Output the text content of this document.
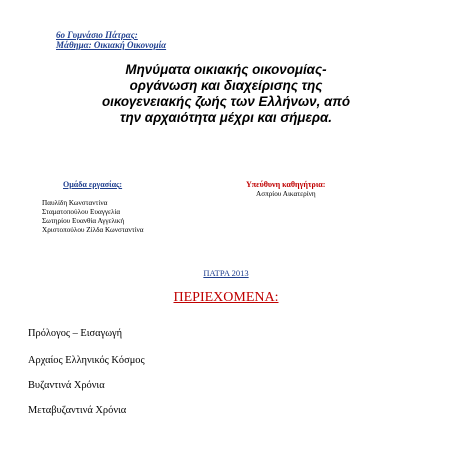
6ο Γυμνάσιο Πάτρας:
Μάθημα: Οικιακή Οικονομία
Μηνύματα οικιακής οικονομίας-
οργάνωση και διαχείρισης της
οικογενειακής ζωής των Ελλήνων, από
την αρχαιότητα μέχρι και σήμερα.
Ομάδα εργασίας:	Υπεύθυνη καθηγήτρια:
Ασπρίου Αικατερίνη
Παυλίδη Κωνσταντίνα
Σταματοπούλου Ευαγγελία
Σωτηρίου Ευανθία Αγγελική
Χριστοπούλου Ζίλδα Κωνσταντίνα
ΠΑΤΡΑ 2013
ΠΕΡΙΕΧΟΜΕΝΑ:
Πρόλογος – Εισαγωγή
Αρχαίος Ελληνικός Κόσμος
Βυζαντινά Χρόνια
Μεταβυζαντινά Χρόνια
